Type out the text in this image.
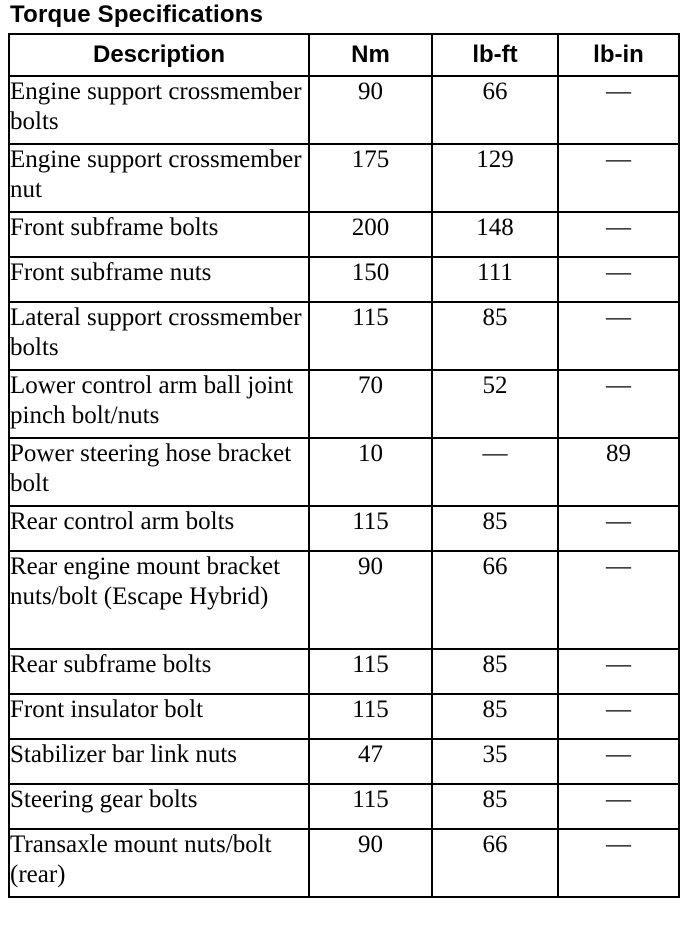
Torque Specifications
Description	Nm	lb-ft	lb-in
Engine support crossmember bolts	90	66	—
Engine support crossmember nut	175	129	—
Front subframe bolts	200	148	—
Front subframe nuts	150	111	—
Lateral support crossmember bolts	115	85	—
Lower control arm ball joint pinch bolt/nuts	70	52	—
Power steering hose bracket bolt	10	—	89
Rear control arm bolts	115	85	—
Rear engine mount bracket nuts/bolt (Escape Hybrid)	90	66	—
Rear subframe bolts	115	85	—
Front insulator bolt	115	85	—
Stabilizer bar link nuts	47	35	—
Steering gear bolts	115	85	—
Transaxle mount nuts/bolt (rear)	90	66	—
